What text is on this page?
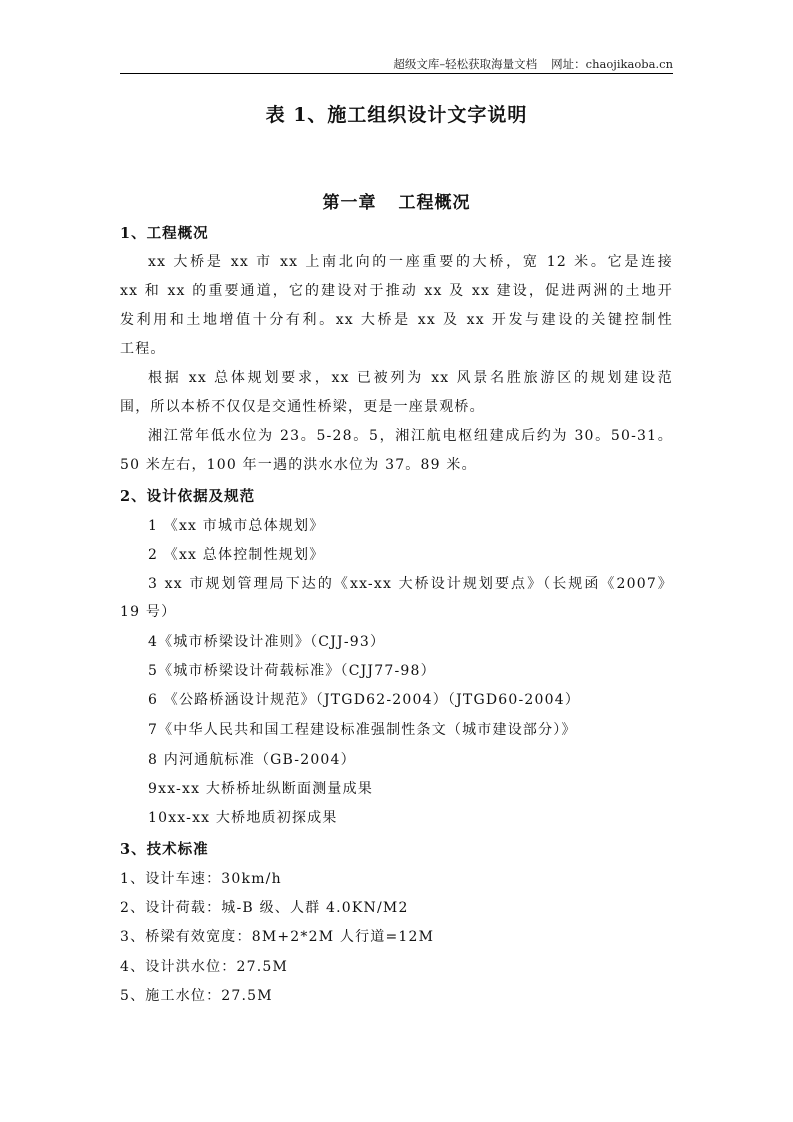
超级文库–轻松获取海量文档 网址：chaojikaoba.cn
表 1、施工组织设计文字说明
第一章 工程概况
1、工程概况
xx 大桥是 xx 市 xx 上南北向的一座重要的大桥，宽 12 米。它是连接
xx 和 xx 的重要通道，它的建设对于推动 xx 及 xx 建设，促进两洲的土地开
发利用和土地增值十分有利。xx 大桥是 xx 及 xx 开发与建设的关键控制性
工程。
根据 xx 总体规划要求，xx 已被列为 xx 风景名胜旅游区的规划建设范
围，所以本桥不仅仅是交通性桥梁，更是一座景观桥。
湘江常年低水位为 23。5-28。5，湘江航电枢纽建成后约为 30。50-31。
50 米左右，100 年一遇的洪水水位为 37。89 米。
2、设计依据及规范
1 《xx 市城市总体规划》
2 《xx 总体控制性规划》
3 xx 市规划管理局下达的《xx-xx 大桥设计规划要点》（长规函《2007》
19 号）
4《城市桥梁设计准则》（CJJ-93）
5《城市桥梁设计荷载标准》（CJJ77-98）
6 《公路桥涵设计规范》（JTGD62-2004）（JTGD60-2004）
7《中华人民共和国工程建设标准强制性条文（城市建设部分）》
8 内河通航标准（GB-2004）
9xx-xx 大桥桥址纵断面测量成果
10xx-xx 大桥地质初探成果
3、技术标准
1、设计车速：30km/h
2、设计荷载：城-B 级、人群 4.0KN/M2
3、桥梁有效宽度：8M+2*2M 人行道=12M
4、设计洪水位：27.5M
5、施工水位：27.5M
